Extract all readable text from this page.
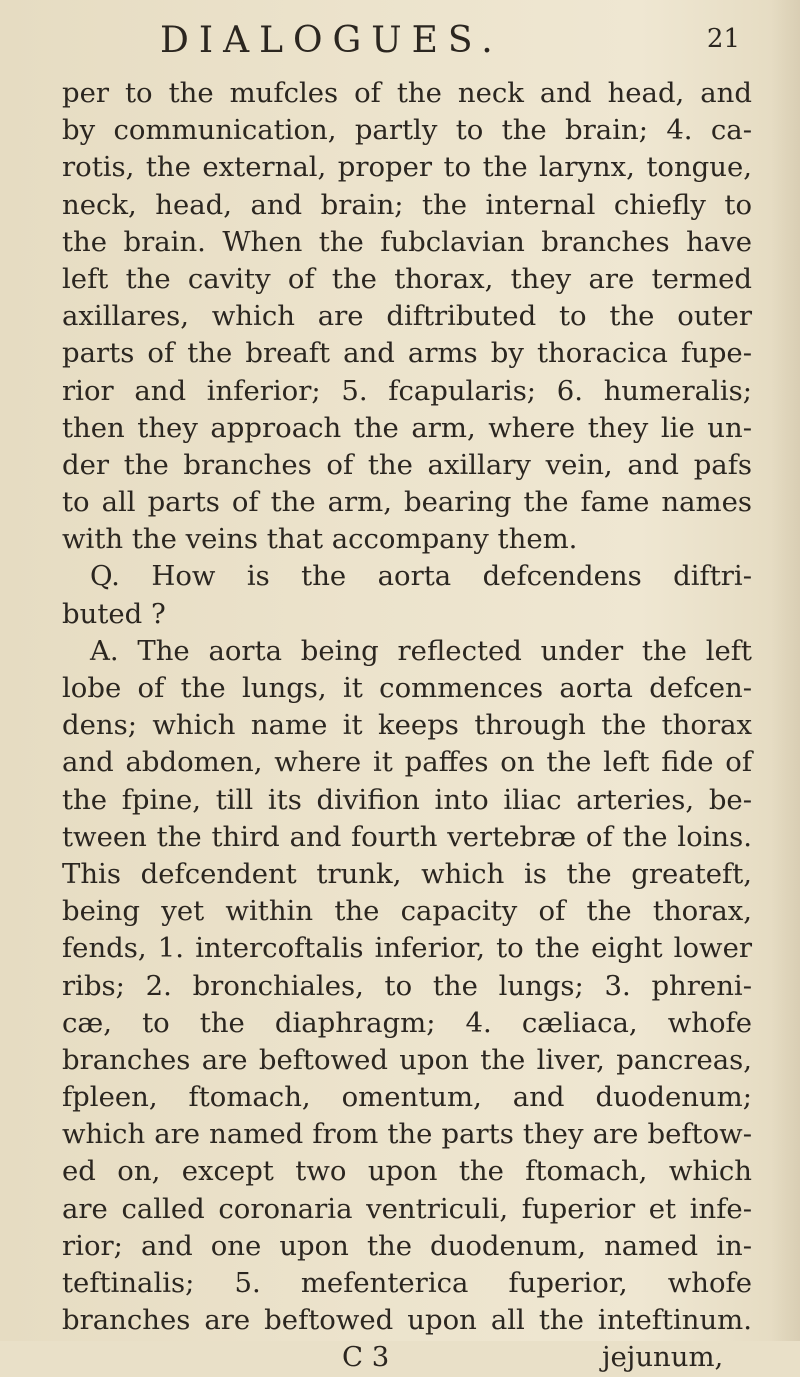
DIALOGUES.	21
per to the mufcles of the neck and head, and
by communication, partly to the brain; 4. ca-
rotis, the external, proper to the larynx, tongue,
neck, head, and brain; the internal chiefly to
the brain. When the fubclavian branches have
left the cavity of the thorax, they are termed
axillares, which are diftributed to the outer
parts of the breaft and arms by thoracica fupe-
rior and inferior; 5. fcapularis; 6. humeralis;
then they approach the arm, where they lie un-
der the branches of the axillary vein, and pafs
to all parts of the arm, bearing the fame names
with the veins that accompany them.
Q. How is the aorta defcendens diftri-
buted ?
A. The aorta being reflected under the left
lobe of the lungs, it commences aorta defcen-
dens; which name it keeps through the thorax
and abdomen, where it paffes on the left fide of
the fpine, till its divifion into iliac arteries, be-
tween the third and fourth vertebræ of the loins.
This defcendent trunk, which is the greateft,
being yet within the capacity of the thorax,
fends, 1. intercoftalis inferior, to the eight lower
ribs; 2. bronchiales, to the lungs; 3. phreni-
cæ, to the diaphragm; 4. cæliaca, whofe
branches are beftowed upon the liver, pancreas,
fpleen, ftomach, omentum, and duodenum;
which are named from the parts they are beftow-
ed on, except two upon the ftomach, which
are called coronaria ventriculi, fuperior et infe-
rior; and one upon the duodenum, named in-
teftinalis; 5. mefenterica fuperior, whofe
branches are beftowed upon all the inteftinum.
C 3	jejunum,
